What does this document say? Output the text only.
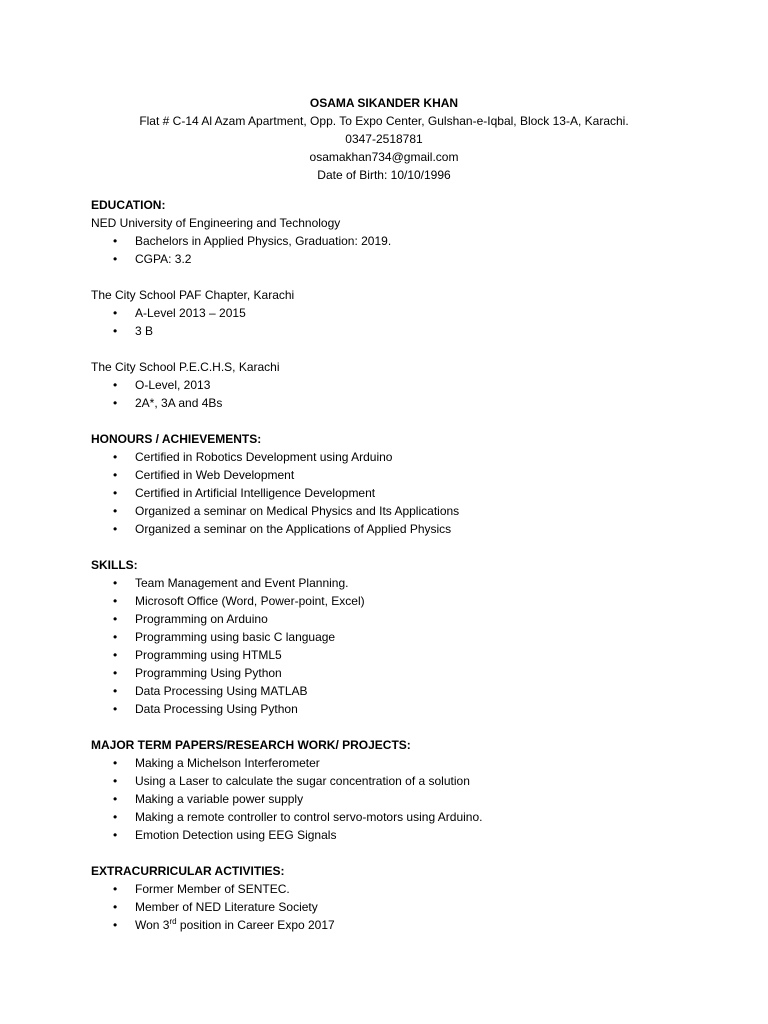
OSAMA SIKANDER KHAN
Flat # C-14 Al Azam Apartment, Opp. To Expo Center, Gulshan-e-Iqbal, Block 13-A, Karachi.
0347-2518781
osamakhan734@gmail.com
Date of Birth: 10/10/1996
EDUCATION:
NED University of Engineering and Technology
• Bachelors in Applied Physics, Graduation: 2019.
• CGPA: 3.2
The City School PAF Chapter, Karachi
• A-Level 2013 – 2015
• 3 B
The City School P.E.C.H.S, Karachi
• O-Level, 2013
• 2A*, 3A and 4Bs
HONOURS / ACHIEVEMENTS:
• Certified in Robotics Development using Arduino
• Certified in Web Development
• Certified in Artificial Intelligence Development
• Organized a seminar on Medical Physics and Its Applications
• Organized a seminar on the Applications of Applied Physics
SKILLS:
• Team Management and Event Planning.
• Microsoft Office (Word, Power-point, Excel)
• Programming on Arduino
• Programming using basic C language
• Programming using HTML5
• Programming Using Python
• Data Processing Using MATLAB
• Data Processing Using Python
MAJOR TERM PAPERS/RESEARCH WORK/ PROJECTS:
• Making a Michelson Interferometer
• Using a Laser to calculate the sugar concentration of a solution
• Making a variable power supply
• Making a remote controller to control servo-motors using Arduino.
• Emotion Detection using EEG Signals
EXTRACURRICULAR ACTIVITIES:
• Former Member of SENTEC.
• Member of NED Literature Society
• Won 3rd position in Career Expo 2017
